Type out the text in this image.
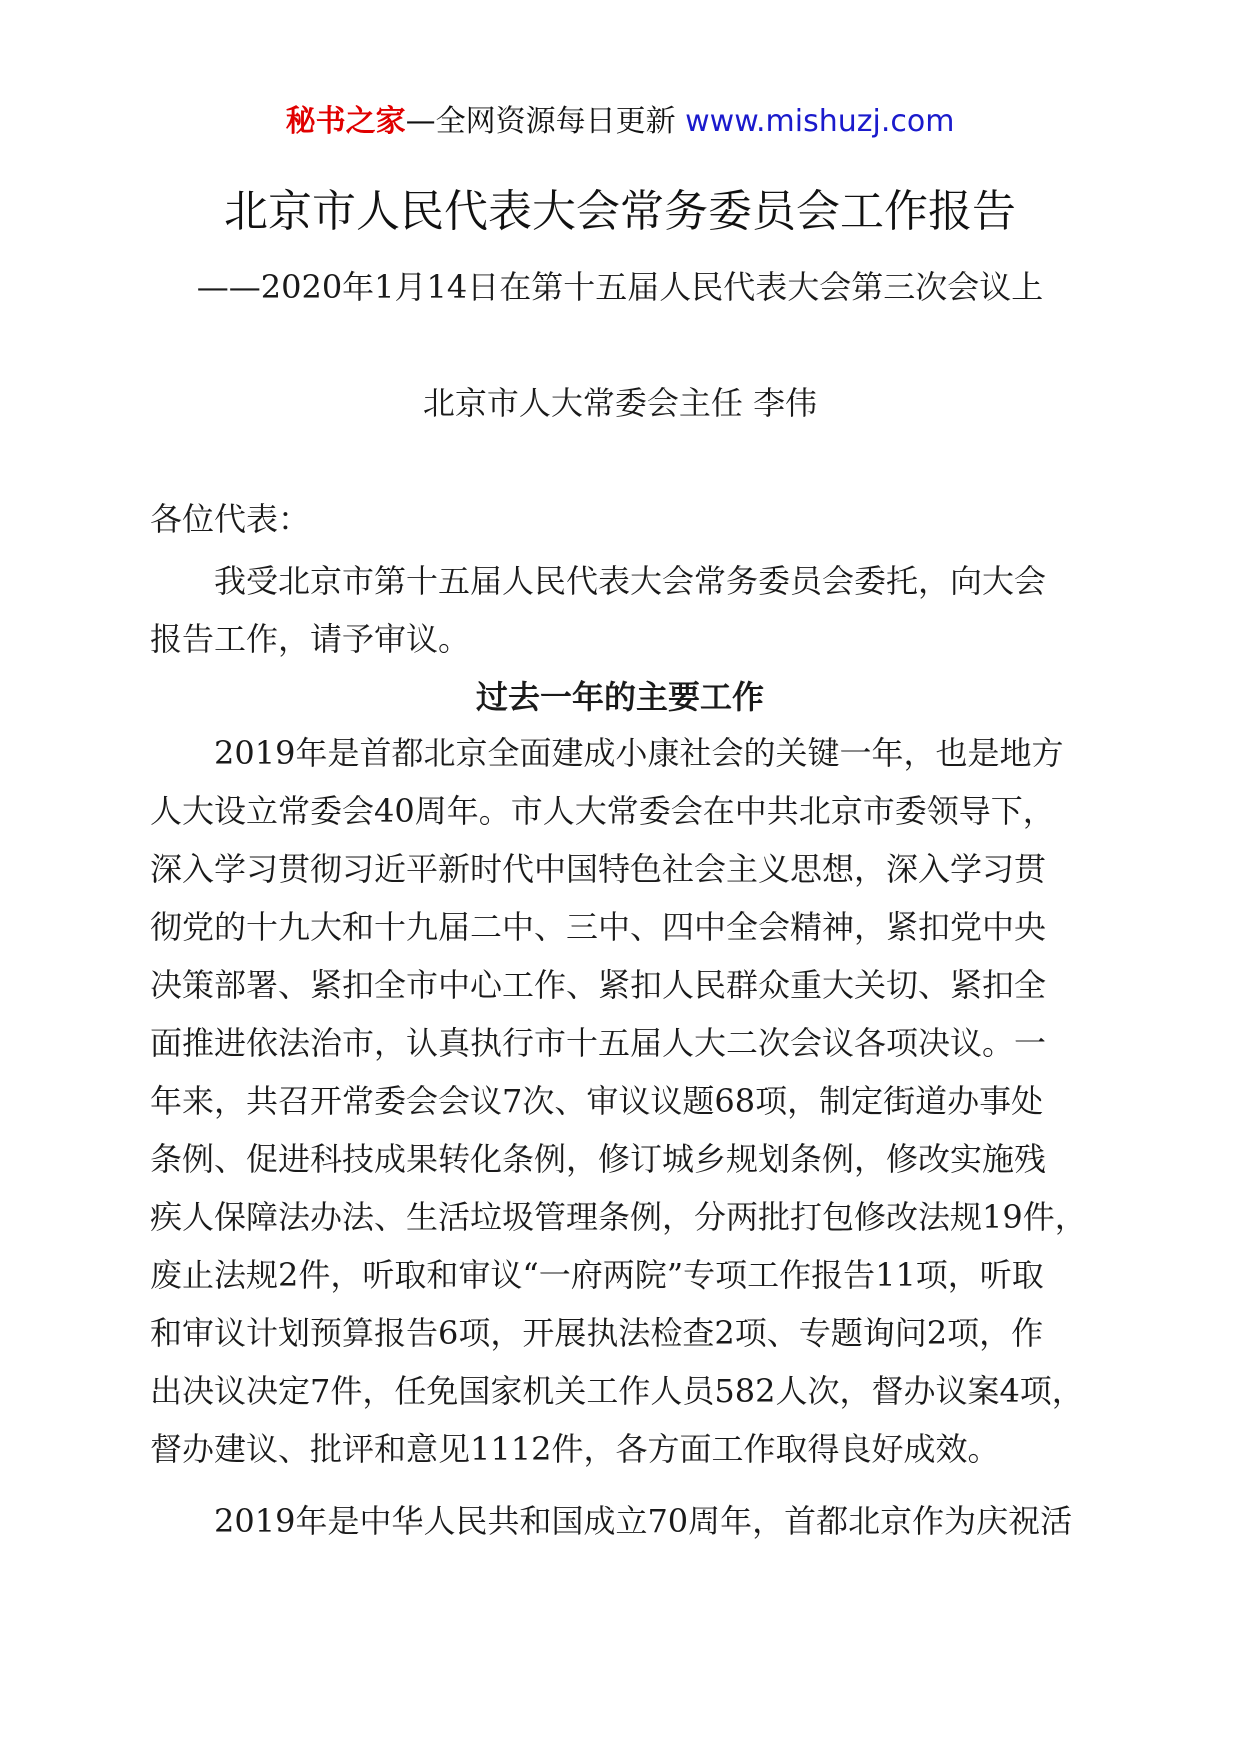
秘书之家—全网资源每日更新 www.mishuzj.com
北京市人民代表大会常务委员会工作报告
——2020年1月14日在第十五届人民代表大会第三次会议上
北京市人大常委会主任 李伟
各位代表：
我受北京市第十五届人民代表大会常务委员会委托，向大会
报告工作，请予审议。
过去一年的主要工作
2019年是首都北京全面建成小康社会的关键一年，也是地方
人大设立常委会40周年。市人大常委会在中共北京市委领导下，
深入学习贯彻习近平新时代中国特色社会主义思想，深入学习贯
彻党的十九大和十九届二中、三中、四中全会精神，紧扣党中央
决策部署、紧扣全市中心工作、紧扣人民群众重大关切、紧扣全
面推进依法治市，认真执行市十五届人大二次会议各项决议。一
年来，共召开常委会会议7次、审议议题68项，制定街道办事处
条例、促进科技成果转化条例，修订城乡规划条例，修改实施残
疾人保障法办法、生活垃圾管理条例，分两批打包修改法规19件，
废止法规2件，听取和审议“一府两院”专项工作报告11项，听取
和审议计划预算报告6项，开展执法检查2项、专题询问2项，作
出决议决定7件，任免国家机关工作人员582人次，督办议案4项，
督办建议、批评和意见1112件，各方面工作取得良好成效。
2019年是中华人民共和国成立70周年，首都北京作为庆祝活
